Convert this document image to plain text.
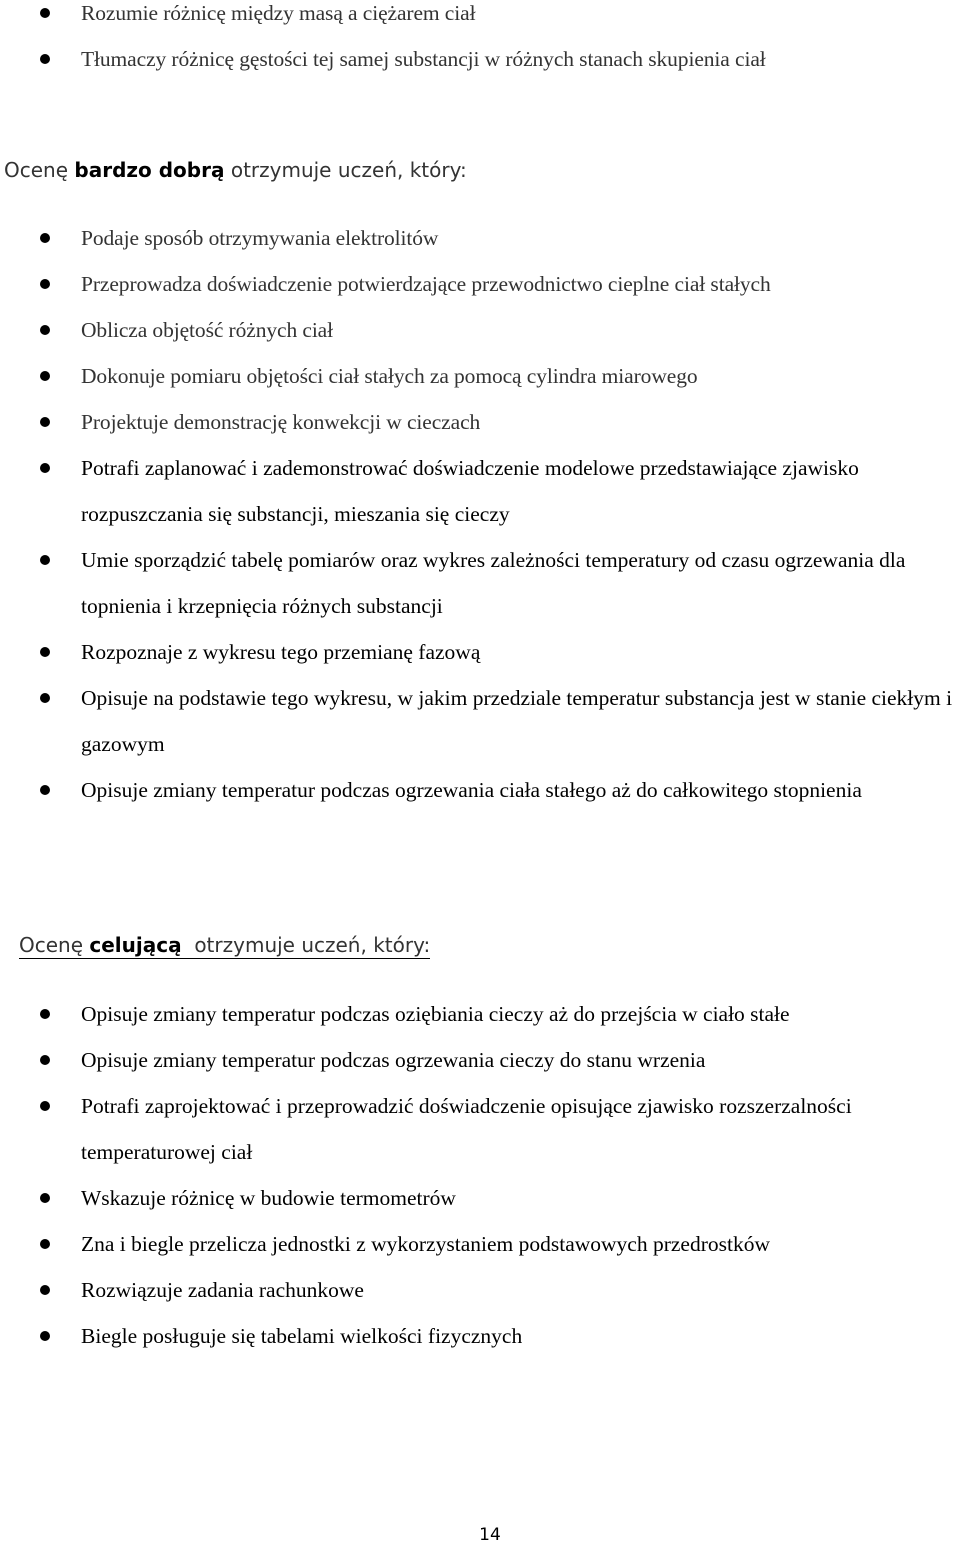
Rozumie różnicę między masą a ciężarem ciał
Tłumaczy różnicę gęstości tej samej substancji w różnych stanach skupienia ciał
Ocenę bardzo dobrą otrzymuje uczeń, który:
Podaje sposób otrzymywania elektrolitów
Przeprowadza doświadczenie potwierdzające przewodnictwo cieplne ciał stałych
Oblicza objętość różnych ciał
Dokonuje pomiaru objętości ciał stałych za pomocą cylindra miarowego
Projektuje demonstrację konwekcji w cieczach
Potrafi zaplanować i zademonstrować doświadczenie modelowe przedstawiające zjawisko rozpuszczania się substancji, mieszania się cieczy
Umie sporządzić tabelę pomiarów oraz wykres zależności temperatury od czasu ogrzewania dla topnienia i krzepnięcia różnych substancji
Rozpoznaje z wykresu tego przemianę fazową
Opisuje na podstawie tego wykresu, w jakim przedziale temperatur substancja jest w stanie ciekłym i gazowym
Opisuje zmiany temperatur podczas ogrzewania ciała stałego aż do całkowitego stopnienia
Ocenę celującą  otrzymuje uczeń, który:
Opisuje zmiany temperatur podczas oziębiania cieczy aż do przejścia w ciało stałe
Opisuje zmiany temperatur podczas ogrzewania cieczy do stanu wrzenia
Potrafi zaprojektować i przeprowadzić doświadczenie opisujące zjawisko rozszerzalności temperaturowej ciał
Wskazuje różnicę w budowie termometrów
Zna i biegle przelicza jednostki z wykorzystaniem podstawowych przedrostków
Rozwiązuje zadania rachunkowe
Biegle posługuje się tabelami wielkości fizycznych
14
